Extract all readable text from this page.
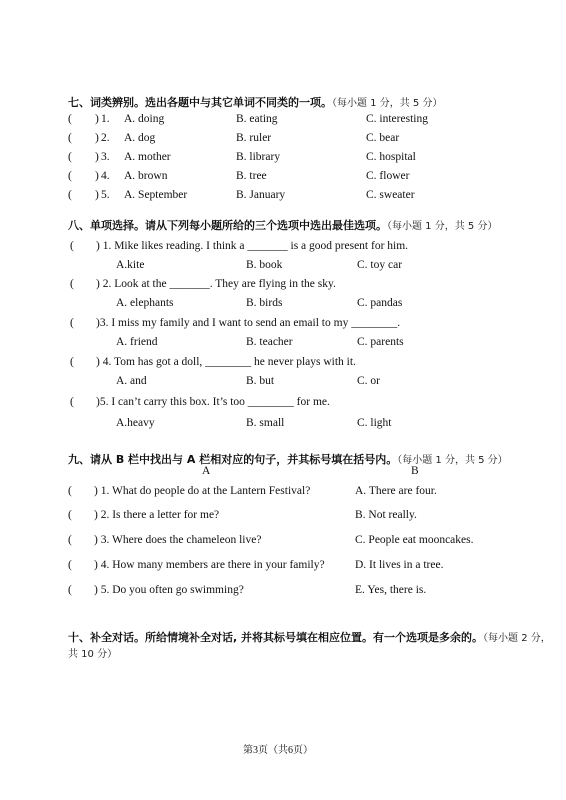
七、词类辨别。选出各题中与其它单词不同类的一项。（每小题 1 分，共 5 分）
( ) 1. A. doing	B. eating	C. interesting
( ) 2. A. dog	B. ruler	C. bear
( ) 3. A. mother	B. library	C. hospital
( ) 4. A. brown	B. tree	C. flower
( ) 5. A. September	B. January	C. sweater
八、单项选择。请从下列每小题所给的三个选项中选出最佳选项。（每小题 1 分，共 5 分）
( ) 1. Mike likes reading. I think a _______ is a good present for him.
A.kite	B. book	C. toy car
( ) 2. Look at the _______. They are flying in the sky.
A. elephants	B. birds	C. pandas
( )3. I miss my family and I want to send an email to my ________.
A. friend	B. teacher	C. parents
( ) 4. Tom has got a doll, ________ he never plays with it.
A. and	B. but	C. or
( )5. I can’t carry this box. It’s too ________ for me.
A.heavy	B. small	C. light
九、请从 B 栏中找出与 A 栏相对应的句子，并其标号填在括号内。（每小题 1 分，共 5 分）
A	B
( ) 1. What do people do at the Lantern Festival?	A. There are four.
( ) 2. Is there a letter for me?	B. Not really.
( ) 3. Where does the chameleon live?	C. People eat mooncakes.
( ) 4. How many members are there in your family?	D. It lives in a tree.
( ) 5. Do you often go swimming?	E. Yes, there is.
十、补全对话。所给情境补全对话, 并将其标号填在相应位置。有一个选项是多余的。（每小题 2 分，
共 10 分）
第3页（共6页）
